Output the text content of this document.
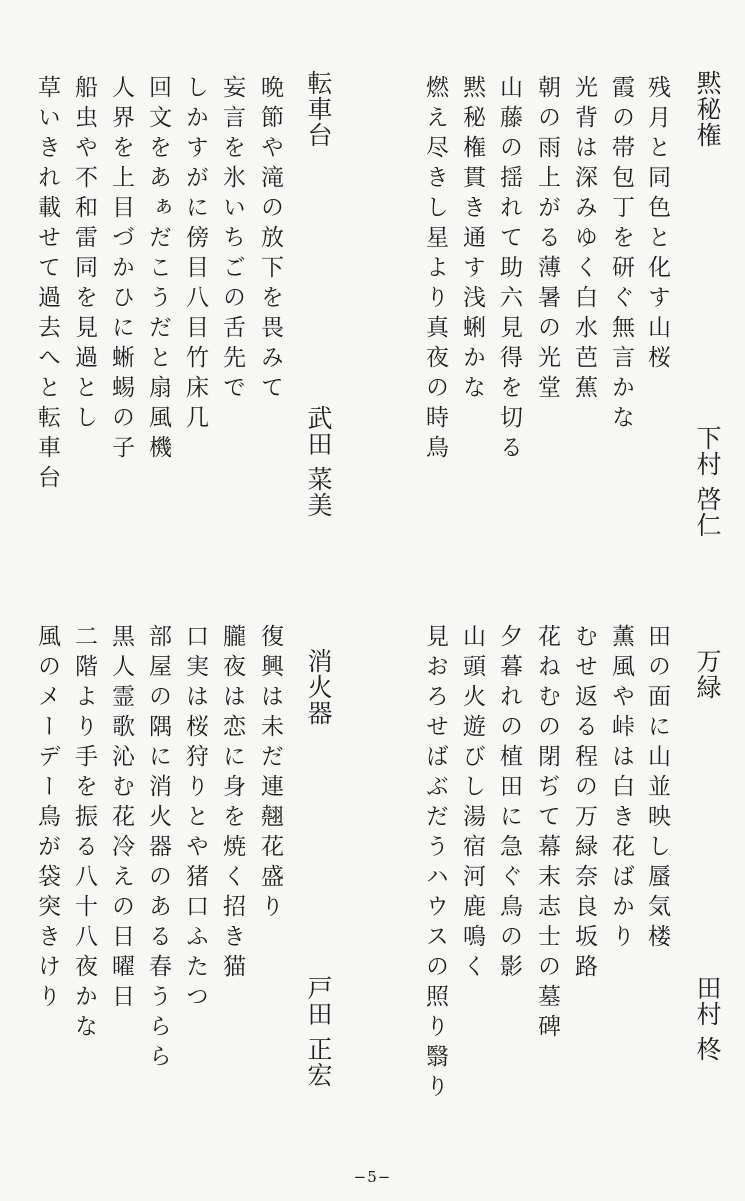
黙秘権
下村 啓仁
残月と同色と化す山桜
霞の帯包丁を研ぐ無言かな
光背は深みゆく白水芭蕉
朝の雨上がる薄暑の光堂
山藤の揺れて助六見得を切る
黙秘権貫き通す浅蜊かな
燃え尽きし星より真夜の時鳥
転車台
武田 菜美
晩節や滝の放下を畏みて
妄言を氷いちごの舌先で
しかすがに傍目八目竹床几
回文をあぁだこうだと扇風機
人界を上目づかひに蜥蜴の子
船虫や不和雷同を見過とし
草いきれ載せて過去へと転車台
万緑
田村 柊
田の面に山並映し蜃気楼
薫風や峠は白き花ばかり
むせ返る程の万緑奈良坂路
花ねむの閉ぢて幕末志士の墓碑
夕暮れの植田に急ぐ鳥の影
山頭火遊びし湯宿河鹿鳴く
見おろせばぶだうハウスの照り翳り
消火器
戸田 正宏
復興は未だ連翹花盛り
朧夜は恋に身を焼く招き猫
口実は桜狩りとや猪口ふたつ
部屋の隅に消火器のある春うらら
黒人霊歌沁む花冷えの日曜日
二階より手を振る八十八夜かな
風のメーデー鳥が袋突きけり
−5−
